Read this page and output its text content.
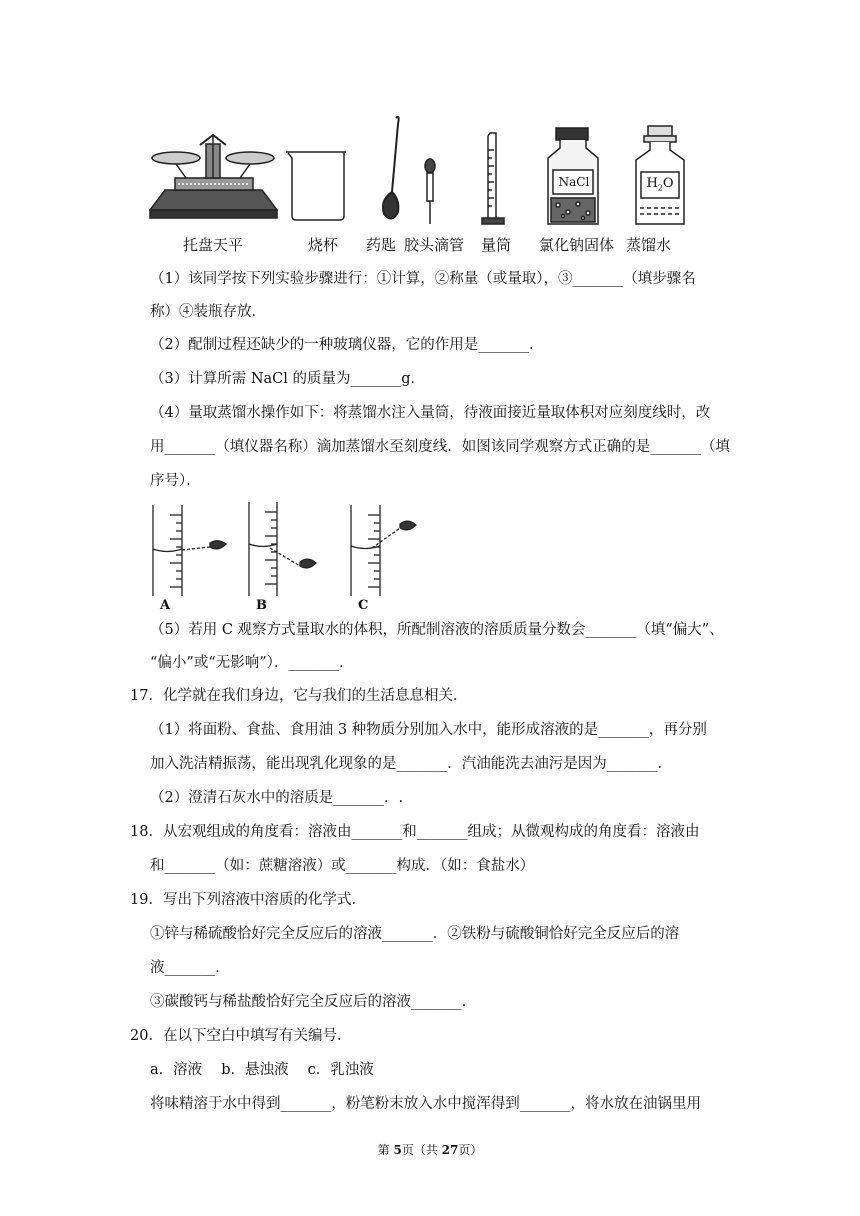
NaCl	$H_2O$
托盘天平	烧杯 药匙 胶头滴管 量筒 氯化钠固体 蒸馏水
（1）该同学按下列实验步骤进行：①计算，②称量（或量取），③_______（填步骤名
称）④装瓶存放．
（2）配制过程还缺少的一种玻璃仪器，它的作用是_______．
（3）计算所需 NaCl 的质量为_______g．
（4）量取蒸馏水操作如下：将蒸馏水注入量筒，待液面接近量取体积对应刻度线时，改
用_______（填仪器名称）滴加蒸馏水至刻度线．如图该同学观察方式正确的是_______（填
序号）．
A	B	C
（5）若用 C 观察方式量取水的体积，所配制溶液的溶质质量分数会_______（填“偏大”、
“偏小”或“无影响”）．_______．
17．化学就在我们身边，它与我们的生活息息相关．
（1）将面粉、食盐、食用油 3 种物质分别加入水中，能形成溶液的是_______，再分别
加入洗洁精振荡，能出现乳化现象的是_______．汽油能洗去油污是因为_______．
（2）澄清石灰水中的溶质是_______．.
18．从宏观组成的角度看：溶液由_______和_______组成；从微观构成的角度看：溶液由
和_______（如：蔗糖溶液）或_______构成．（如：食盐水）
19．写出下列溶液中溶质的化学式．
①锌与稀硫酸恰好完全反应后的溶液_______．②铁粉与硫酸铜恰好完全反应后的溶
液_______．
③碳酸钙与稀盐酸恰好完全反应后的溶液_______．
20．在以下空白中填写有关编号．
a．溶液　 b．悬浊液　 c．乳浊液
将味精溶于水中得到_______，粉笔粉末放入水中搅浑得到_______，将水放在油锅里用
第 5页（共 27页）
